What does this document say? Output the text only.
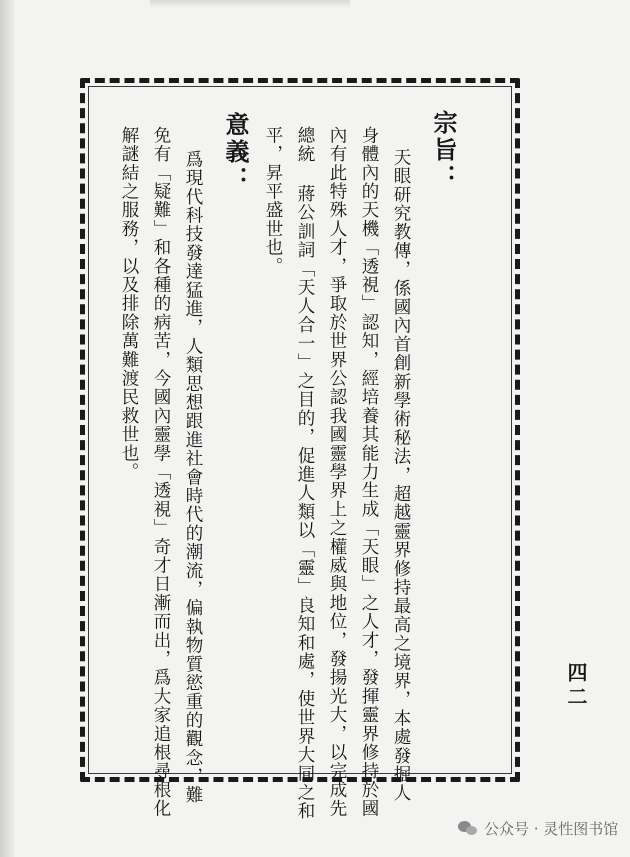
宗旨：
天眼研究教傳，係國內首創新學術秘法，超越靈界修持最高之境界，本處發掘人
身體內的天機「透視」認知，經培養其能力生成「天眼」之人才，發揮靈界修持於國
內有此特殊人才，爭取於世界公認我國靈學界上之權威與地位，發揚光大，以完成先
總統 蔣公訓詞「天人合一」之目的，促進人類以「靈」良知和處，使世界大同之和
平，昇平盛世也。
意義：
爲現代科技發達猛進，人類思想跟進社會時代的潮流，偏執物質慾重的觀念，難
免有「疑難」和各種的病苦，今國內靈學「透視」奇才日漸而出，爲大家追根尋根化
解謎結之服務，以及排除萬難渡民救世也。
四二
公众号 · 灵性图书馆
